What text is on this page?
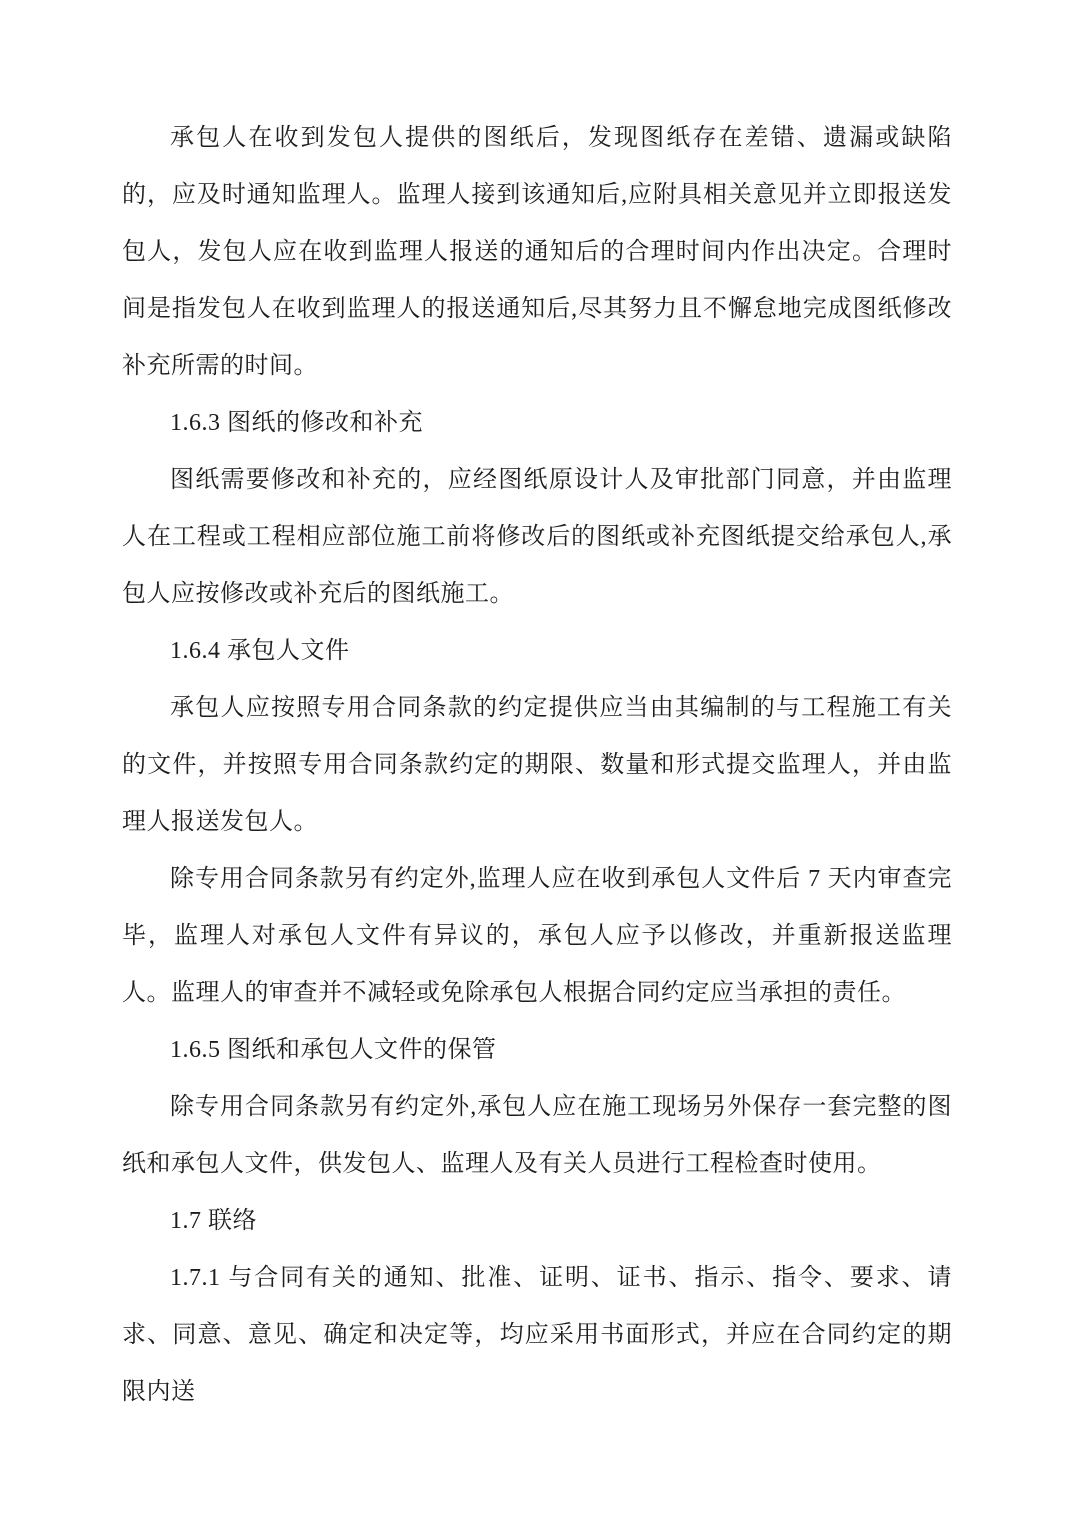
承包人在收到发包人提供的图纸后，发现图纸存在差错、遗漏或缺陷的，应及时通知监理人。监理人接到该通知后,应附具相关意见并立即报送发包人，发包人应在收到监理人报送的通知后的合理时间内作出决定。合理时间是指发包人在收到监理人的报送通知后,尽其努力且不懈怠地完成图纸修改补充所需的时间。

1.6.3 图纸的修改和补充

图纸需要修改和补充的，应经图纸原设计人及审批部门同意，并由监理人在工程或工程相应部位施工前将修改后的图纸或补充图纸提交给承包人,承包人应按修改或补充后的图纸施工。

1.6.4 承包人文件

承包人应按照专用合同条款的约定提供应当由其编制的与工程施工有关的文件，并按照专用合同条款约定的期限、数量和形式提交监理人，并由监理人报送发包人。

除专用合同条款另有约定外,监理人应在收到承包人文件后 7 天内审查完毕，监理人对承包人文件有异议的，承包人应予以修改，并重新报送监理人。监理人的审查并不减轻或免除承包人根据合同约定应当承担的责任。

1.6.5 图纸和承包人文件的保管

除专用合同条款另有约定外,承包人应在施工现场另外保存一套完整的图纸和承包人文件，供发包人、监理人及有关人员进行工程检查时使用。

1.7 联络

1.7.1 与合同有关的通知、批准、证明、证书、指示、指令、要求、请求、同意、意见、确定和决定等，均应采用书面形式，并应在合同约定的期限内送
